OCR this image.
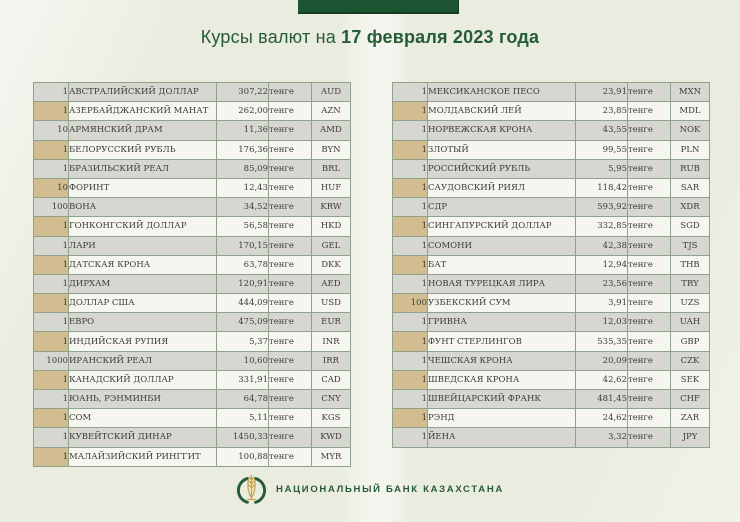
Курсы валют на 17 февраля 2023 года
1	АВСТРАЛИЙСКИЙ ДОЛЛАР	307,22	тенге	AUD
1	АЗЕРБАЙДЖАНСКИЙ МАНАТ	262,00	тенге	AZN
10	АРМЯНСКИЙ ДРАМ	11,36	тенге	AMD
1	БЕЛОРУССКИЙ РУБЛЬ	176,36	тенге	BYN
1	БРАЗИЛЬСКИЙ РЕАЛ	85,09	тенге	BRL
10	ФОРИНТ	12,43	тенге	HUF
100	ВОНА	34,52	тенге	KRW
1	ГОНКОНГСКИЙ ДОЛЛАР	56,58	тенге	HKD
1	ЛАРИ	170,15	тенге	GEL
1	ДАТСКАЯ КРОНА	63,78	тенге	DKK
1	ДИРХАМ	120,91	тенге	AED
1	ДОЛЛАР США	444,09	тенге	USD
1	ЕВРО	475,09	тенге	EUR
1	ИНДИЙСКАЯ РУПИЯ	5,37	тенге	INR
1000	ИРАНСКИЙ РЕАЛ	10,60	тенге	IRR
1	КАНАДСКИЙ ДОЛЛАР	331,91	тенге	CAD
1	ЮАНЬ, РЭНМИНБИ	64,78	тенге	CNY
1	СОМ	5,11	тенге	KGS
1	КУВЕЙТСКИЙ ДИНАР	1450,33	тенге	KWD
1	МАЛАЙЗИЙСКИЙ РИНГГИТ	100,88	тенге	MYR
1	МЕКСИКАНСКОЕ ПЕСО	23,91	тенге	MXN
1	МОЛДАВСКИЙ ЛЕЙ	23,85	тенге	MDL
1	НОРВЕЖСКАЯ КРОНА	43,55	тенге	NOK
1	ЗЛОТЫЙ	99,55	тенге	PLN
1	РОССИЙСКИЙ РУБЛЬ	5,95	тенге	RUB
1	САУДОВСКИЙ РИЯЛ	118,42	тенге	SAR
1	СДР	593,92	тенге	XDR
1	СИНГАПУРСКИЙ ДОЛЛАР	332,85	тенге	SGD
1	СОМОНИ	42,38	тенге	TJS
1	БАТ	12,94	тенге	THB
1	НОВАЯ ТУРЕЦКАЯ ЛИРА	23,56	тенге	TRY
100	УЗБЕКСКИЙ СУМ	3,91	тенге	UZS
1	ГРИВНА	12,03	тенге	UAH
1	ФУНТ СТЕРЛИНГОВ	535,35	тенге	GBP
1	ЧЕШСКАЯ КРОНА	20,09	тенге	CZK
1	ШВЕДСКАЯ КРОНА	42,62	тенге	SEK
1	ШВЕЙЦАРСКИЙ ФРАНК	481,45	тенге	CHF
1	РЭНД	24,62	тенге	ZAR
1	ЙЕНА	3,32	тенге	JPY
НАЦИОНАЛЬНЫЙ БАНК КАЗАХСТАНА
